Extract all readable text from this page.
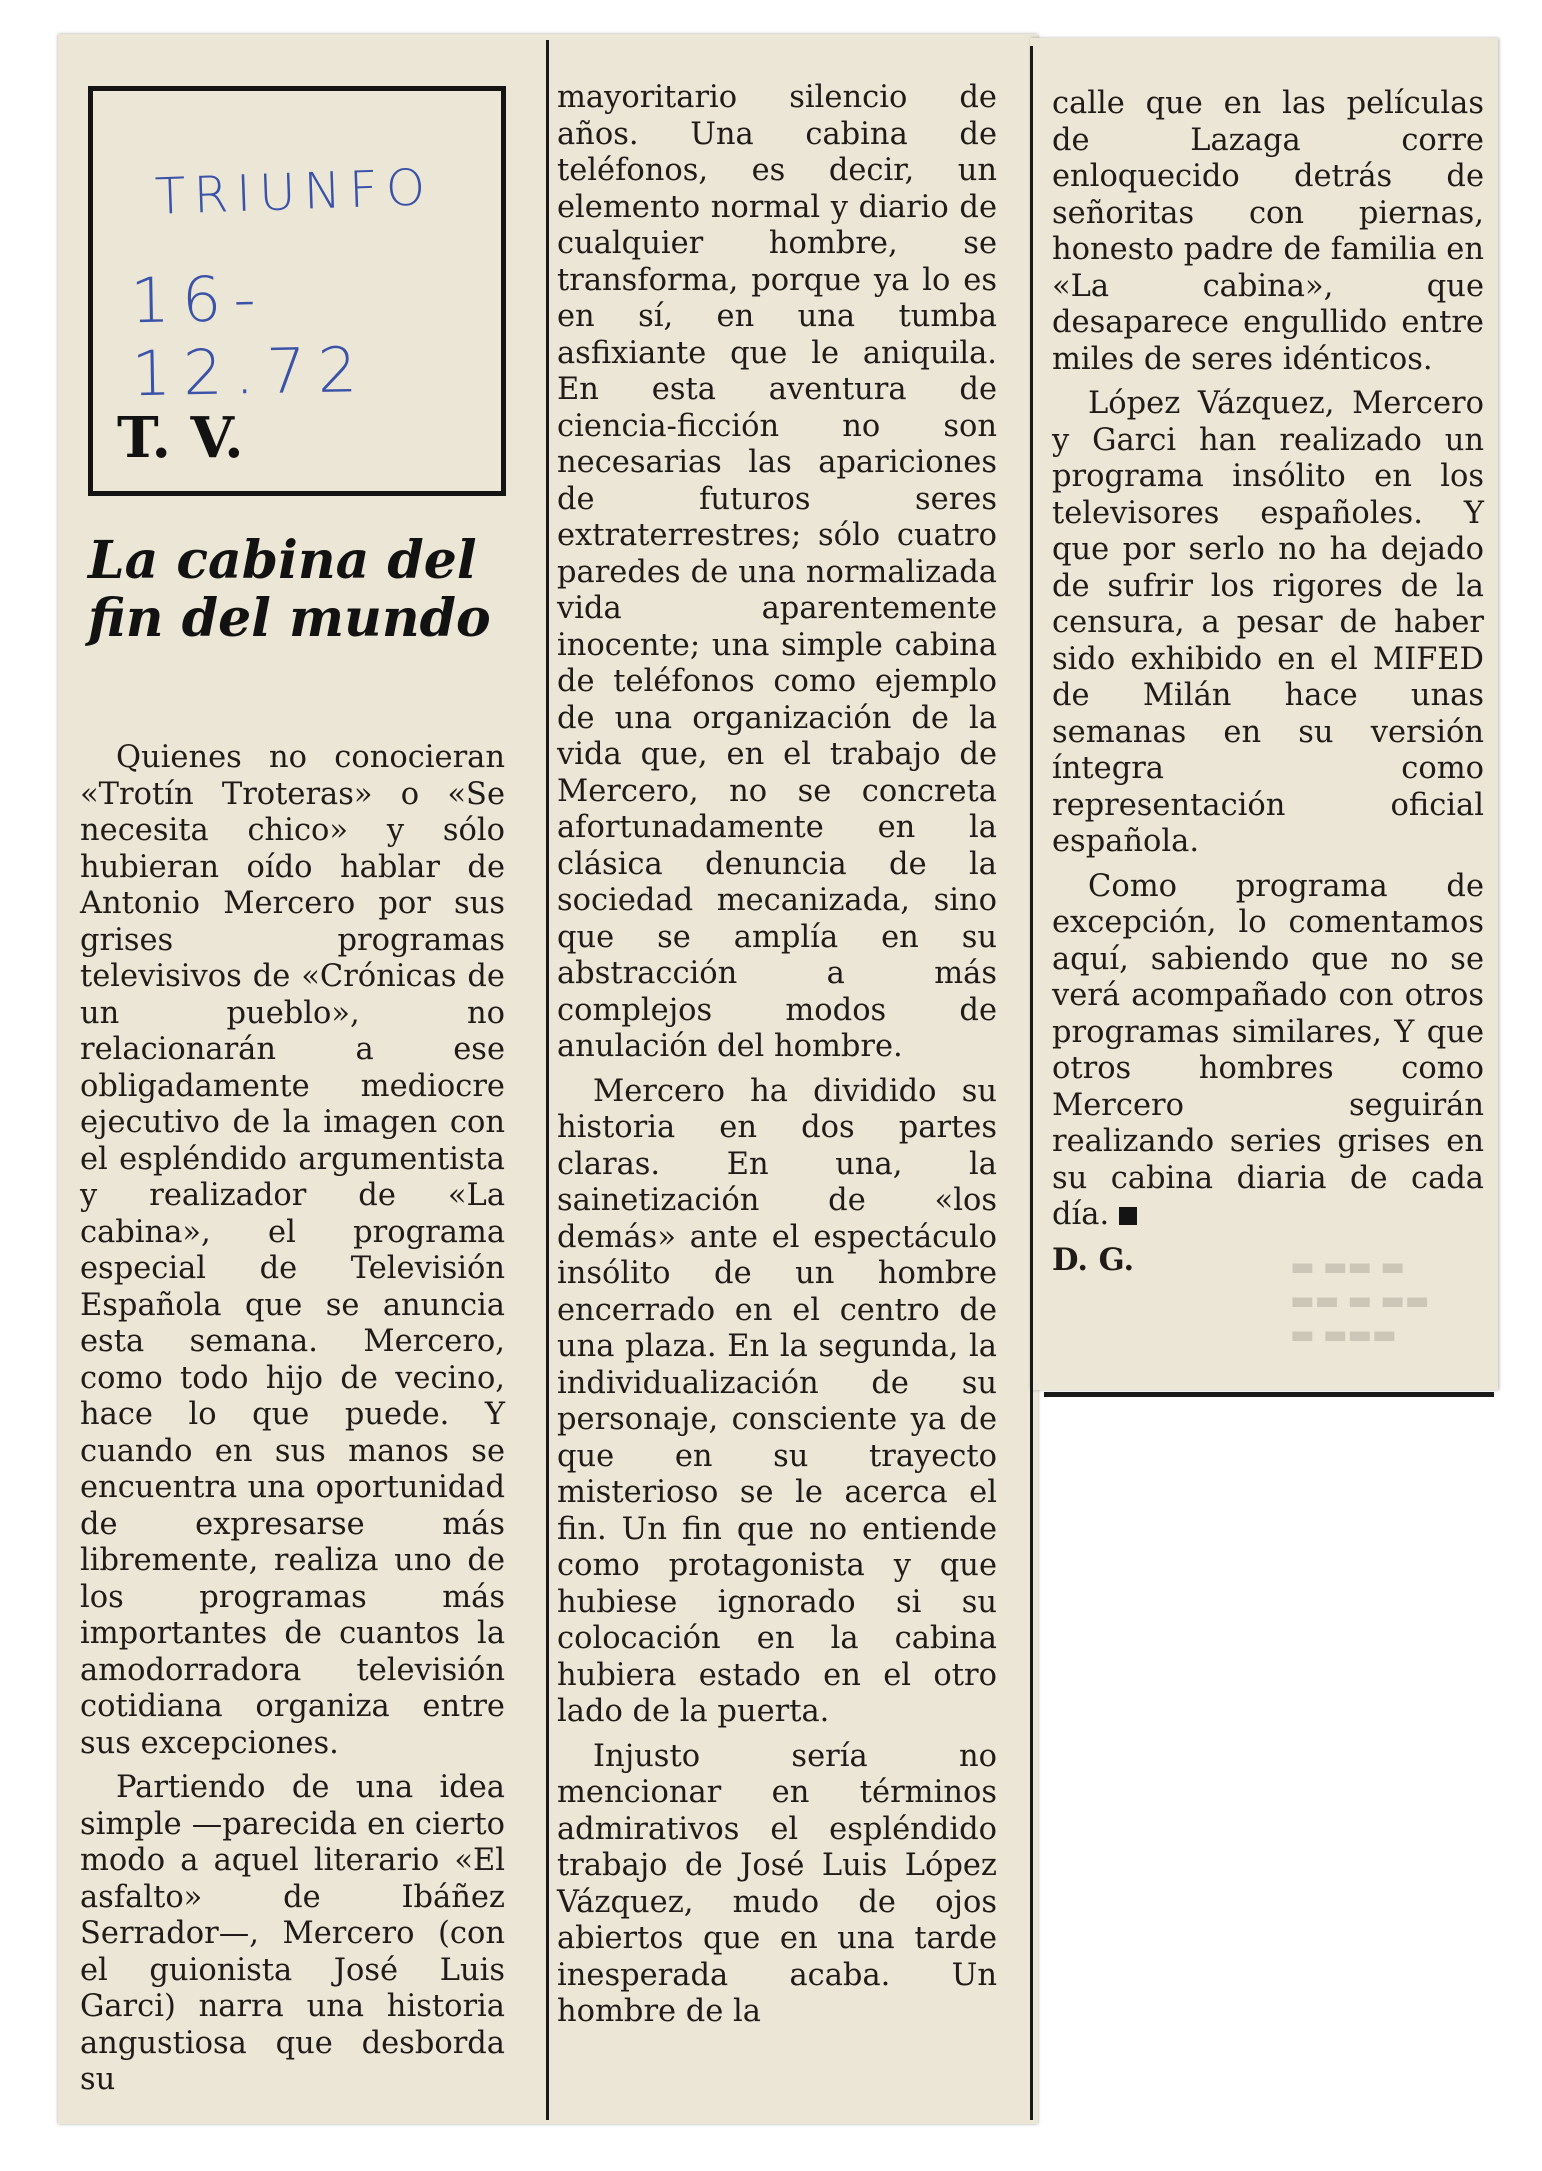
▬ ▬▬ ▬
▬▬ ▬ ▬▬
▬ ▬▬▬
TRIUNFO
16-12.72
T. V.
La cabina del fin del mundo

Quienes no conocieran «Trotín Troteras» o «Se necesita chico» y sólo hubieran oído hablar de Antonio Mercero por sus grises programas televisivos de «Crónicas de un pueblo», no relacionarán a ese obligadamente mediocre ejecutivo de la imagen con el espléndido argumentista y realizador de «La cabina», el programa especial de Televisión Española que se anuncia esta semana. Mercero, como todo hijo de vecino, hace lo que puede. Y cuando en sus manos se encuentra una oportunidad de expresarse más libremente, realiza uno de los programas más importantes de cuantos la amodorradora televisión cotidiana organiza entre sus excepciones.

Partiendo de una idea simple —parecida en cierto modo a aquel literario «El asfalto» de Ibáñez Serrador—, Mercero (con el guionista José Luis Garci) narra una historia angustiosa que desborda su

mayoritario silencio de años. Una cabina de teléfonos, es decir, un elemento normal y diario de cualquier hombre, se transforma, porque ya lo es en sí, en una tumba asfixiante que le aniquila. En esta aventura de ciencia-ficción no son necesarias las apariciones de futuros seres extraterrestres; sólo cuatro paredes de una normalizada vida aparentemente inocente; una simple cabina de teléfonos como ejemplo de una organización de la vida que, en el trabajo de Mercero, no se concreta afortunadamente en la clásica denuncia de la sociedad mecanizada, sino que se amplía en su abstracción a más complejos modos de anulación del hombre.

Mercero ha dividido su historia en dos partes claras. En una, la sainetización de «los demás» ante el espectáculo insólito de un hombre encerrado en el centro de una plaza. En la segunda, la individualización de su personaje, consciente ya de que en su trayecto misterioso se le acerca el fin. Un fin que no entiende como protagonista y que hubiese ignorado si su colocación en la cabina hubiera estado en el otro lado de la puerta.

Injusto sería no mencionar en términos admirativos el espléndido trabajo de José Luis López Vázquez, mudo de ojos abiertos que en una tarde inesperada acaba. Un hombre de la

calle que en las películas de Lazaga corre enloquecido detrás de señoritas con piernas, honesto padre de familia en «La cabina», que desaparece engullido entre miles de seres idénticos.

López Vázquez, Mercero y Garci han realizado un programa insólito en los televisores españoles. Y que por serlo no ha dejado de sufrir los rigores de la censura, a pesar de haber sido exhibido en el MIFED de Milán hace unas semanas en su versión íntegra como representación oficial española.

Como programa de excepción, lo comentamos aquí, sabiendo que no se verá acompañado con otros programas similares, Y que otros hombres como Mercero seguirán realizando series grises en su cabina diaria de cada día.

D. G.
